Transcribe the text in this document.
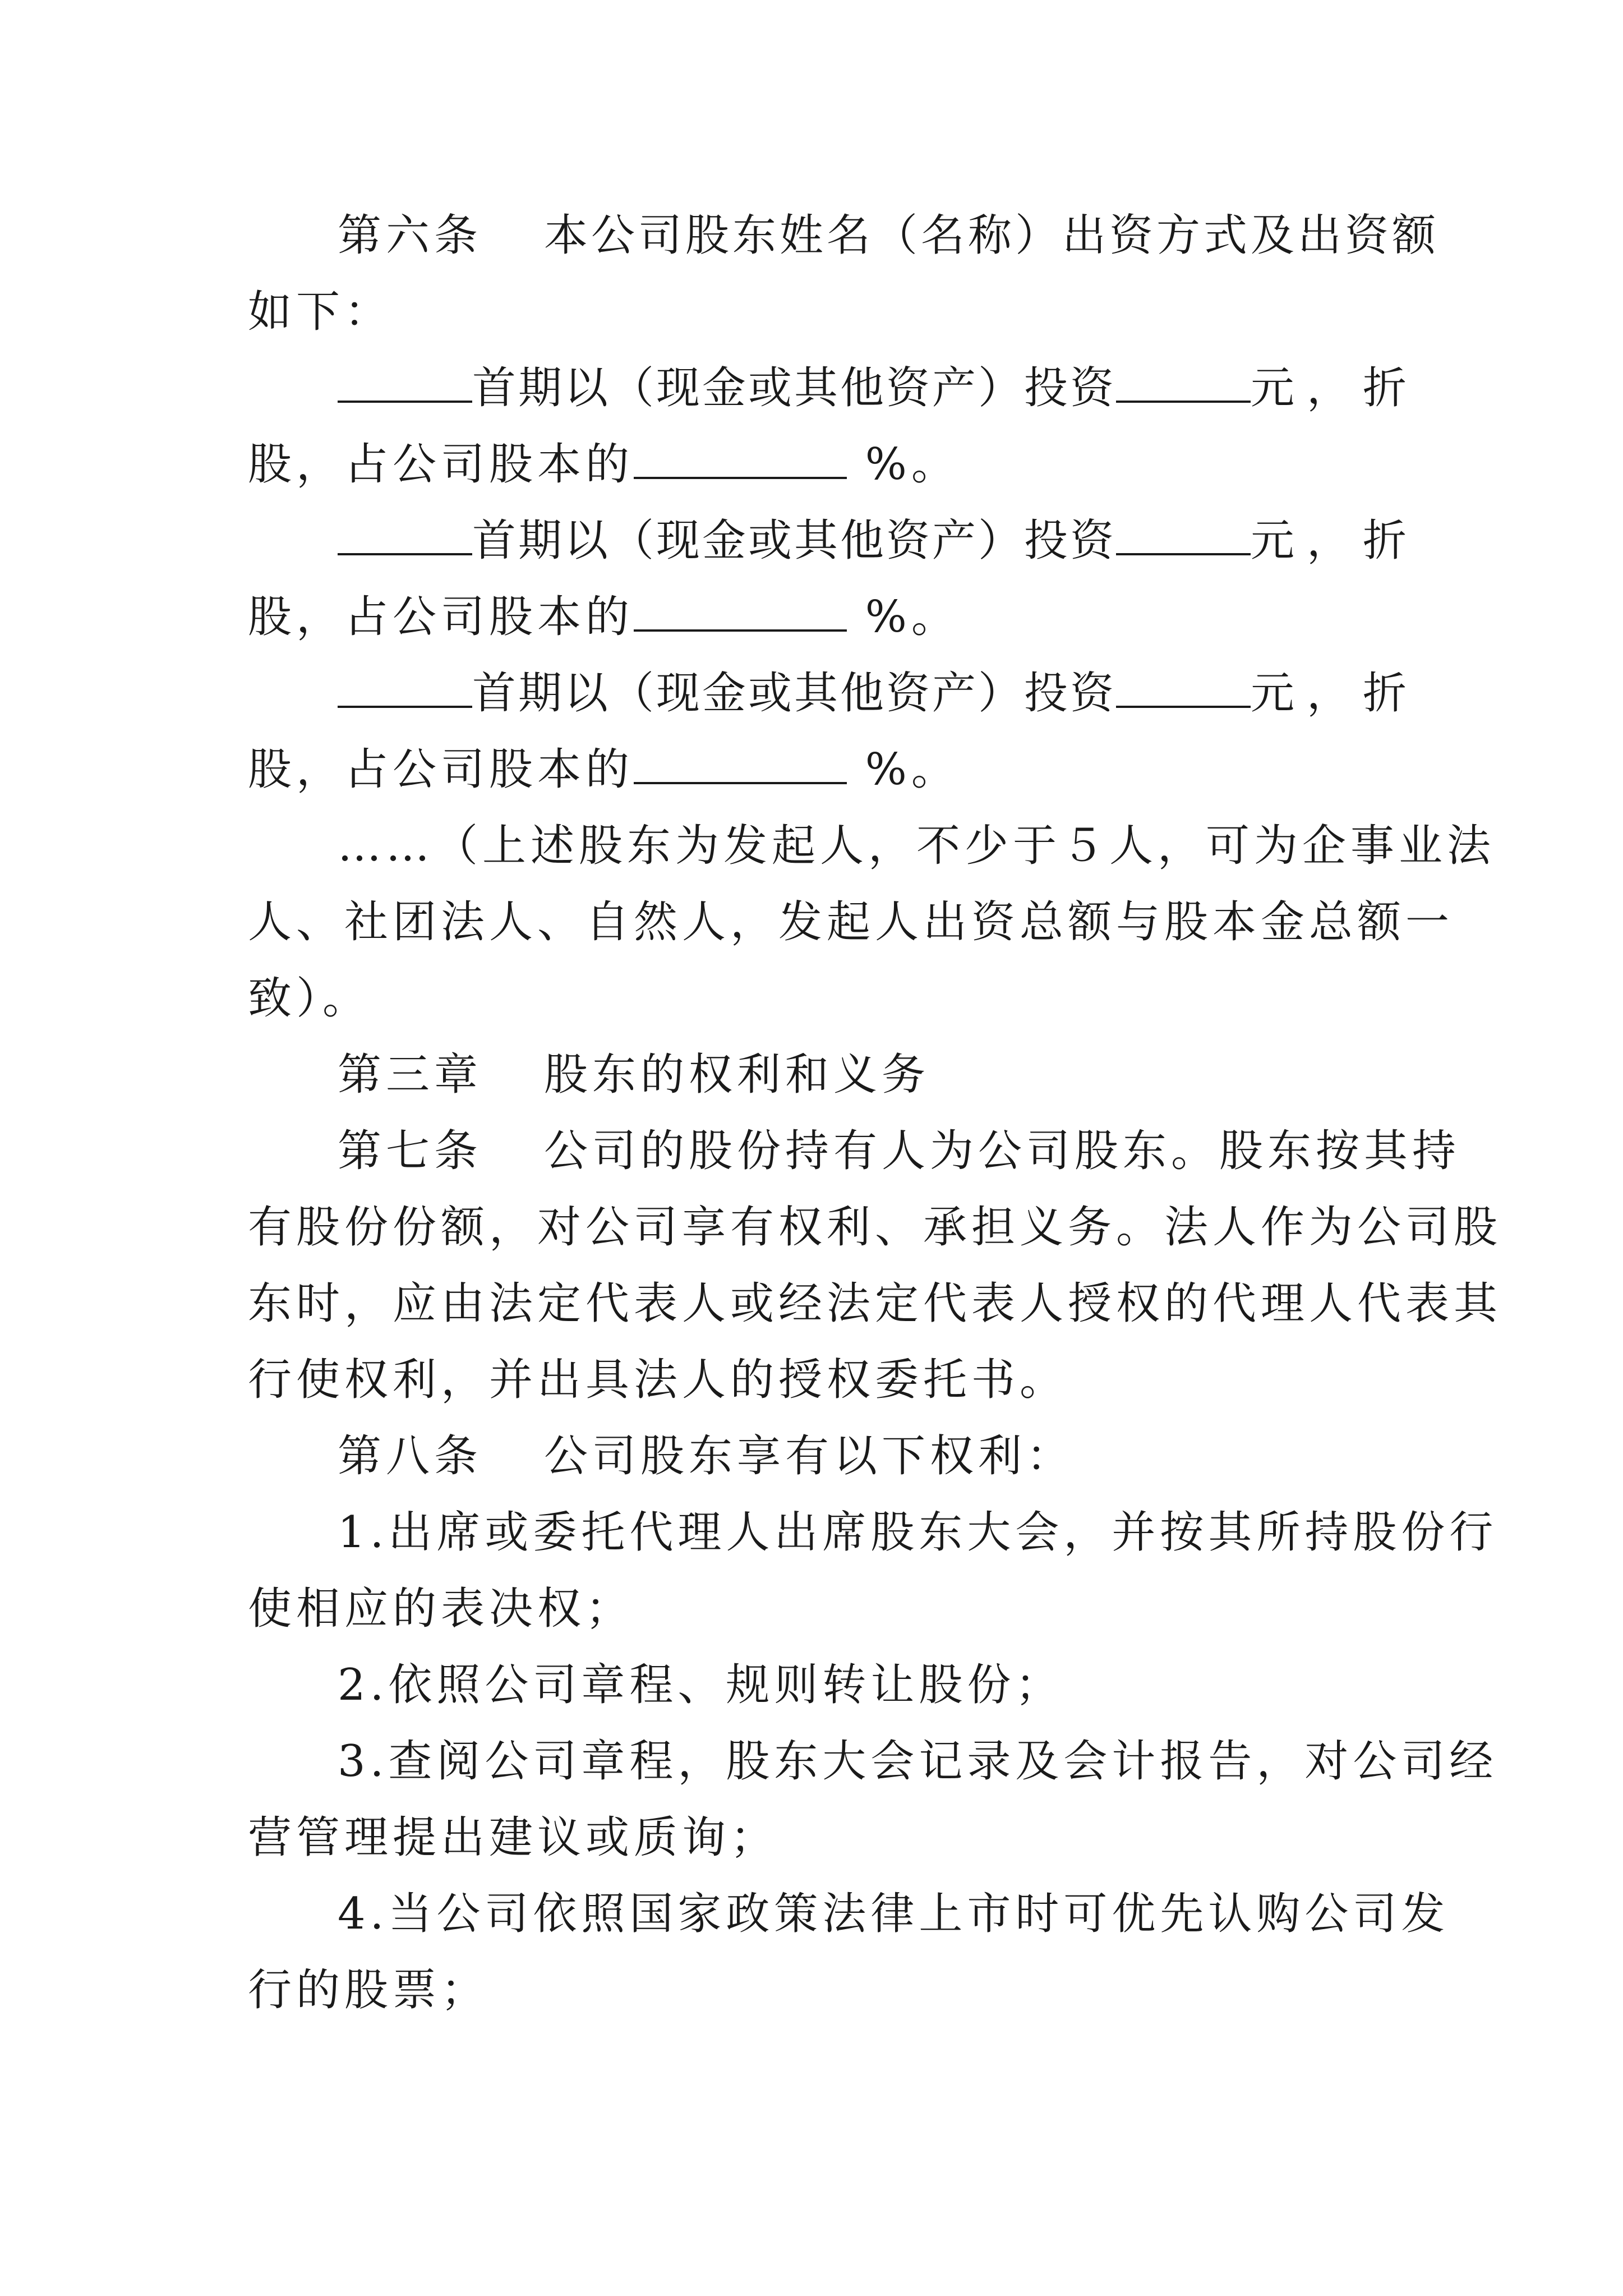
第六条 本公司股东姓名（名称）出资方式及出资额
如下：
首期以（现金或其他资产）投资	元，折
股，占公司股本的	%。
首期以（现金或其他资产）投资	元，折
股，占公司股本的	%。
首期以（现金或其他资产）投资	元，折
股，占公司股本的	%。
……（上述股东为发起人，不少于５人，可为企事业法
人、社团法人、自然人，发起人出资总额与股本金总额一
致）。
第三章 股东的权利和义务
第七条 公司的股份持有人为公司股东。股东按其持
有股份份额，对公司享有权利、承担义务。法人作为公司股
东时，应由法定代表人或经法定代表人授权的代理人代表其
行使权利，并出具法人的授权委托书。
第八条 公司股东享有以下权利：
1.出席或委托代理人出席股东大会，并按其所持股份行
使相应的表决权；
2.依照公司章程、规则转让股份；
3.查阅公司章程，股东大会记录及会计报告，对公司经
营管理提出建议或质询；
4.当公司依照国家政策法律上市时可优先认购公司发
行的股票；
